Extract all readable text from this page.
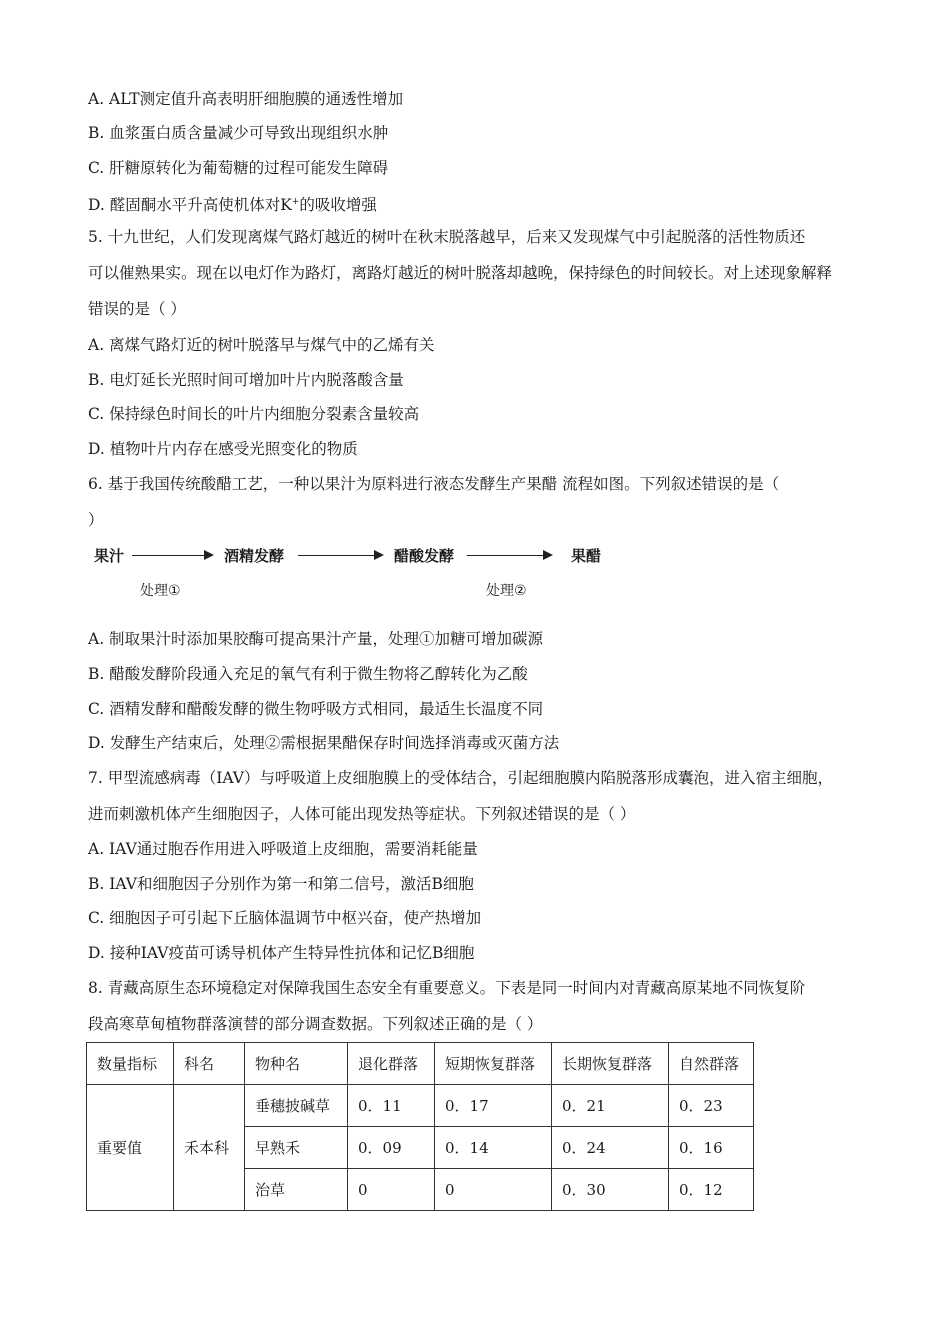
A. ALT测定值升高表明肝细胞膜的通透性增加
B. 血浆蛋白质含量减少可导致出现组织水肿
C. 肝糖原转化为葡萄糖的过程可能发生障碍
D. 醛固酮水平升高使机体对K+的吸收增强
5. 十九世纪，人们发现离煤气路灯越近的树叶在秋末脱落越早，后来又发现煤气中引起脱落的活性物质还
可以催熟果实。现在以电灯作为路灯，离路灯越近的树叶脱落却越晚，保持绿色的时间较长。对上述现象解释
错误的是（ ）
A. 离煤气路灯近的树叶脱落早与煤气中的乙烯有关
B. 电灯延长光照时间可增加叶片内脱落酸含量
C. 保持绿色时间长的叶片内细胞分裂素含量较高
D. 植物叶片内存在感受光照变化的物质
6. 基于我国传统酸醋工艺，一种以果汁为原料进行液态发酵生产果醋 流程如图。下列叙述错误的是（
）
果汁	酒精发酵	醋酸发酵	果醋
处理①	处理②
A. 制取果汁时添加果胶酶可提高果汁产量，处理①加糖可增加碳源
B. 醋酸发酵阶段通入充足的氧气有利于微生物将乙醇转化为乙酸
C. 酒精发酵和醋酸发酵的微生物呼吸方式相同，最适生长温度不同
D. 发酵生产结束后，处理②需根据果醋保存时间选择消毒或灭菌方法
7. 甲型流感病毒（IAV）与呼吸道上皮细胞膜上的受体结合，引起细胞膜内陷脱落形成囊泡，进入宿主细胞，
进而刺激机体产生细胞因子，人体可能出现发热等症状。下列叙述错误的是（ ）
A. IAV通过胞吞作用进入呼吸道上皮细胞，需要消耗能量
B. IAV和细胞因子分别作为第一和第二信号，激活B细胞
C. 细胞因子可引起下丘脑体温调节中枢兴奋，使产热增加
D. 接种IAV疫苗可诱导机体产生特异性抗体和记忆B细胞
8. 青藏高原生态环境稳定对保障我国生态安全有重要意义。下表是同一时间内对青藏高原某地不同恢复阶
段高寒草甸植物群落演替的部分调查数据。下列叙述正确的是（ ）
数量指标	科名	物种名	退化群落	短期恢复群落	长期恢复群落	自然群落
重要值	禾本科	垂穗披碱草	0．11	0．17	0．21	0．23
		早熟禾	0．09	0．14	0．24	0．16
		治草	0	0	0．30	0．12
